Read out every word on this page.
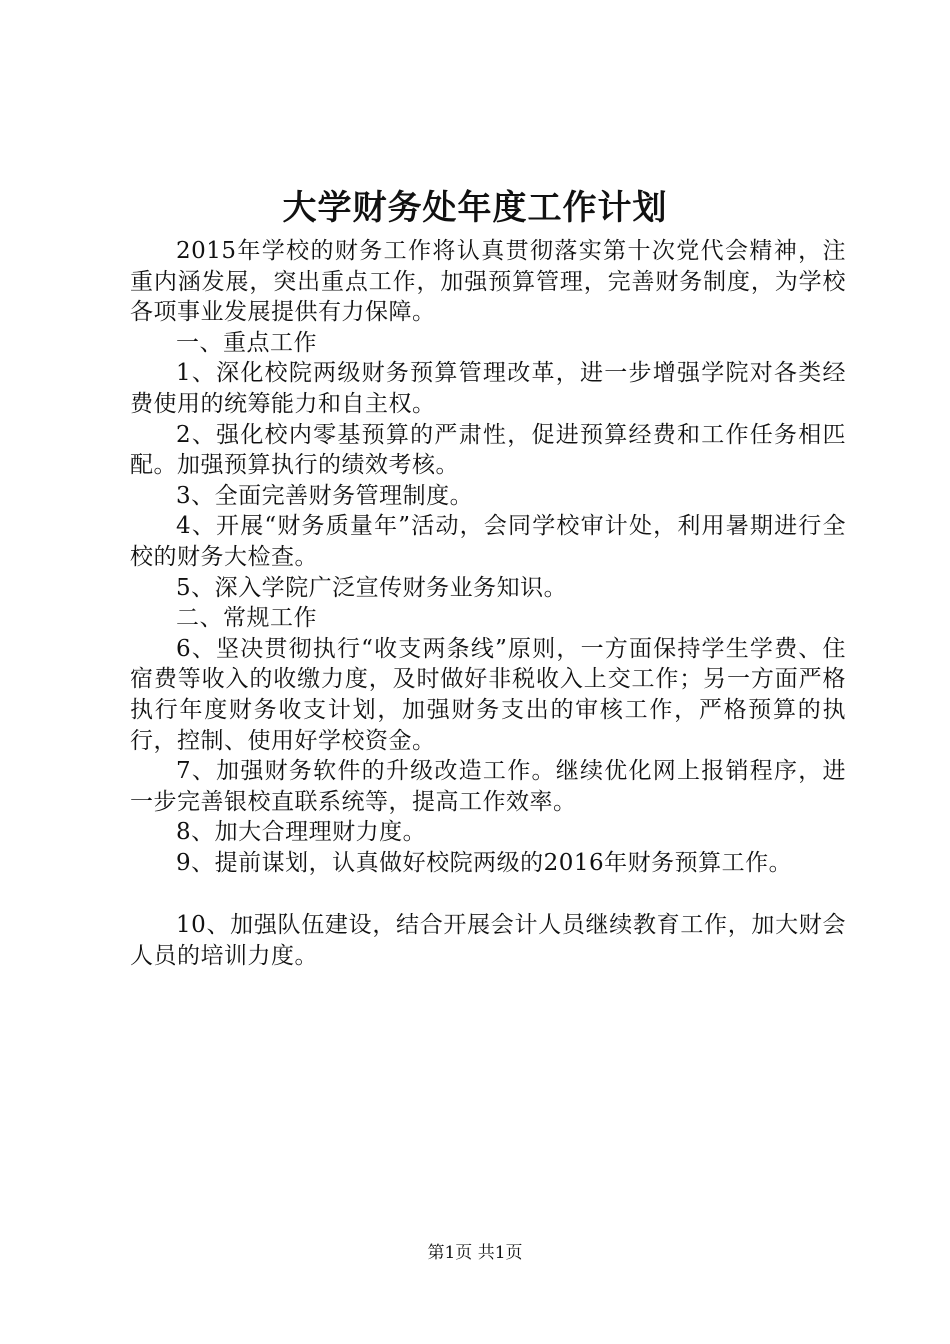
大学财务处年度工作计划

2015年学校的财务工作将认真贯彻落实第十次党代会精神，注重内涵发展，突出重点工作，加强预算管理，完善财务制度，为学校各项事业发展提供有力保障。

一、重点工作

1、深化校院两级财务预算管理改革，进一步增强学院对各类经费使用的统筹能力和自主权。

2、强化校内零基预算的严肃性，促进预算经费和工作任务相匹配。加强预算执行的绩效考核。

3、全面完善财务管理制度。

4、开展“财务质量年”活动，会同学校审计处，利用暑期进行全校的财务大检查。

5、深入学院广泛宣传财务业务知识。

二、常规工作

6、坚决贯彻执行“收支两条线”原则，一方面保持学生学费、住宿费等收入的收缴力度，及时做好非税收入上交工作；另一方面严格执行年度财务收支计划，加强财务支出的审核工作，严格预算的执行，控制、使用好学校资金。

7、加强财务软件的升级改造工作。继续优化网上报销程序，进一步完善银校直联系统等，提高工作效率。

8、加大合理理财力度。

9、提前谋划，认真做好校院两级的2016年财务预算工作。

10、加强队伍建设，结合开展会计人员继续教育工作，加大财会人员的培训力度。

第1页 共1页
